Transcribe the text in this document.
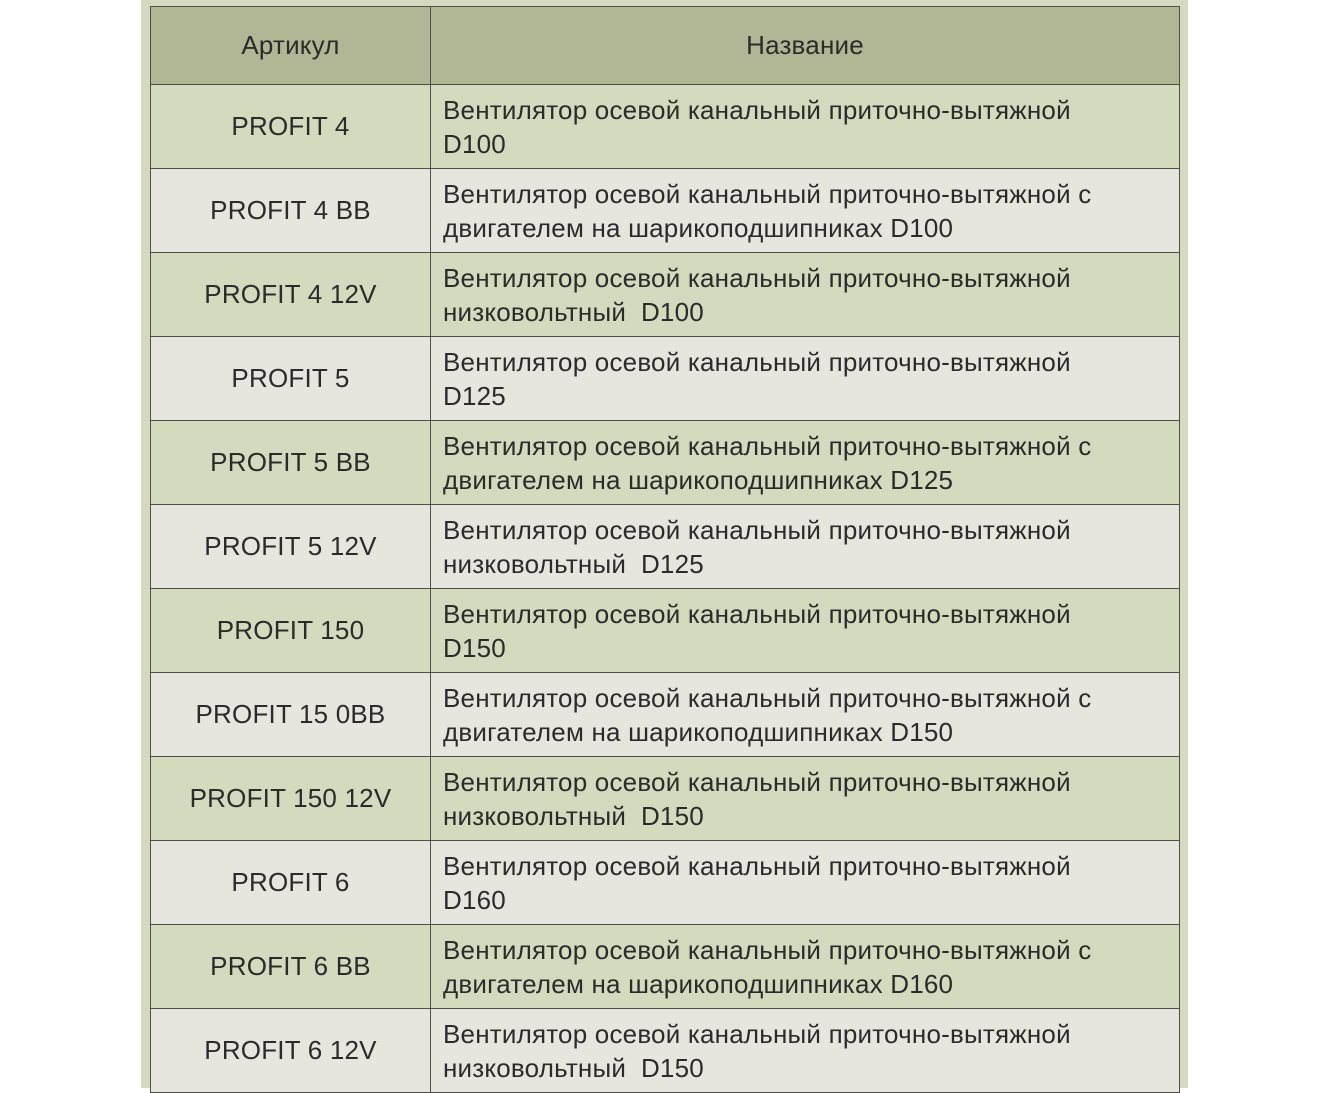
Артикул	Название
PROFIT 4	Вентилятор осевой канальный приточно-вытяжной
D100
PROFIT 4 BB	Вентилятор осевой канальный приточно-вытяжной с
двигателем на шарикоподшипниках D100
PROFIT 4 12V	Вентилятор осевой канальный приточно-вытяжной
низковольтный  D100
PROFIT 5	Вентилятор осевой канальный приточно-вытяжной
D125
PROFIT 5 BB	Вентилятор осевой канальный приточно-вытяжной с
двигателем на шарикоподшипниках D125
PROFIT 5 12V	Вентилятор осевой канальный приточно-вытяжной
низковольтный  D125
PROFIT 150	Вентилятор осевой канальный приточно-вытяжной
D150
PROFIT 15 0BB	Вентилятор осевой канальный приточно-вытяжной с
двигателем на шарикоподшипниках D150
PROFIT 150 12V	Вентилятор осевой канальный приточно-вытяжной
низковольтный  D150
PROFIT 6	Вентилятор осевой канальный приточно-вытяжной
D160
PROFIT 6 BB	Вентилятор осевой канальный приточно-вытяжной с
двигателем на шарикоподшипниках D160
PROFIT 6 12V	Вентилятор осевой канальный приточно-вытяжной
низковольтный  D150
